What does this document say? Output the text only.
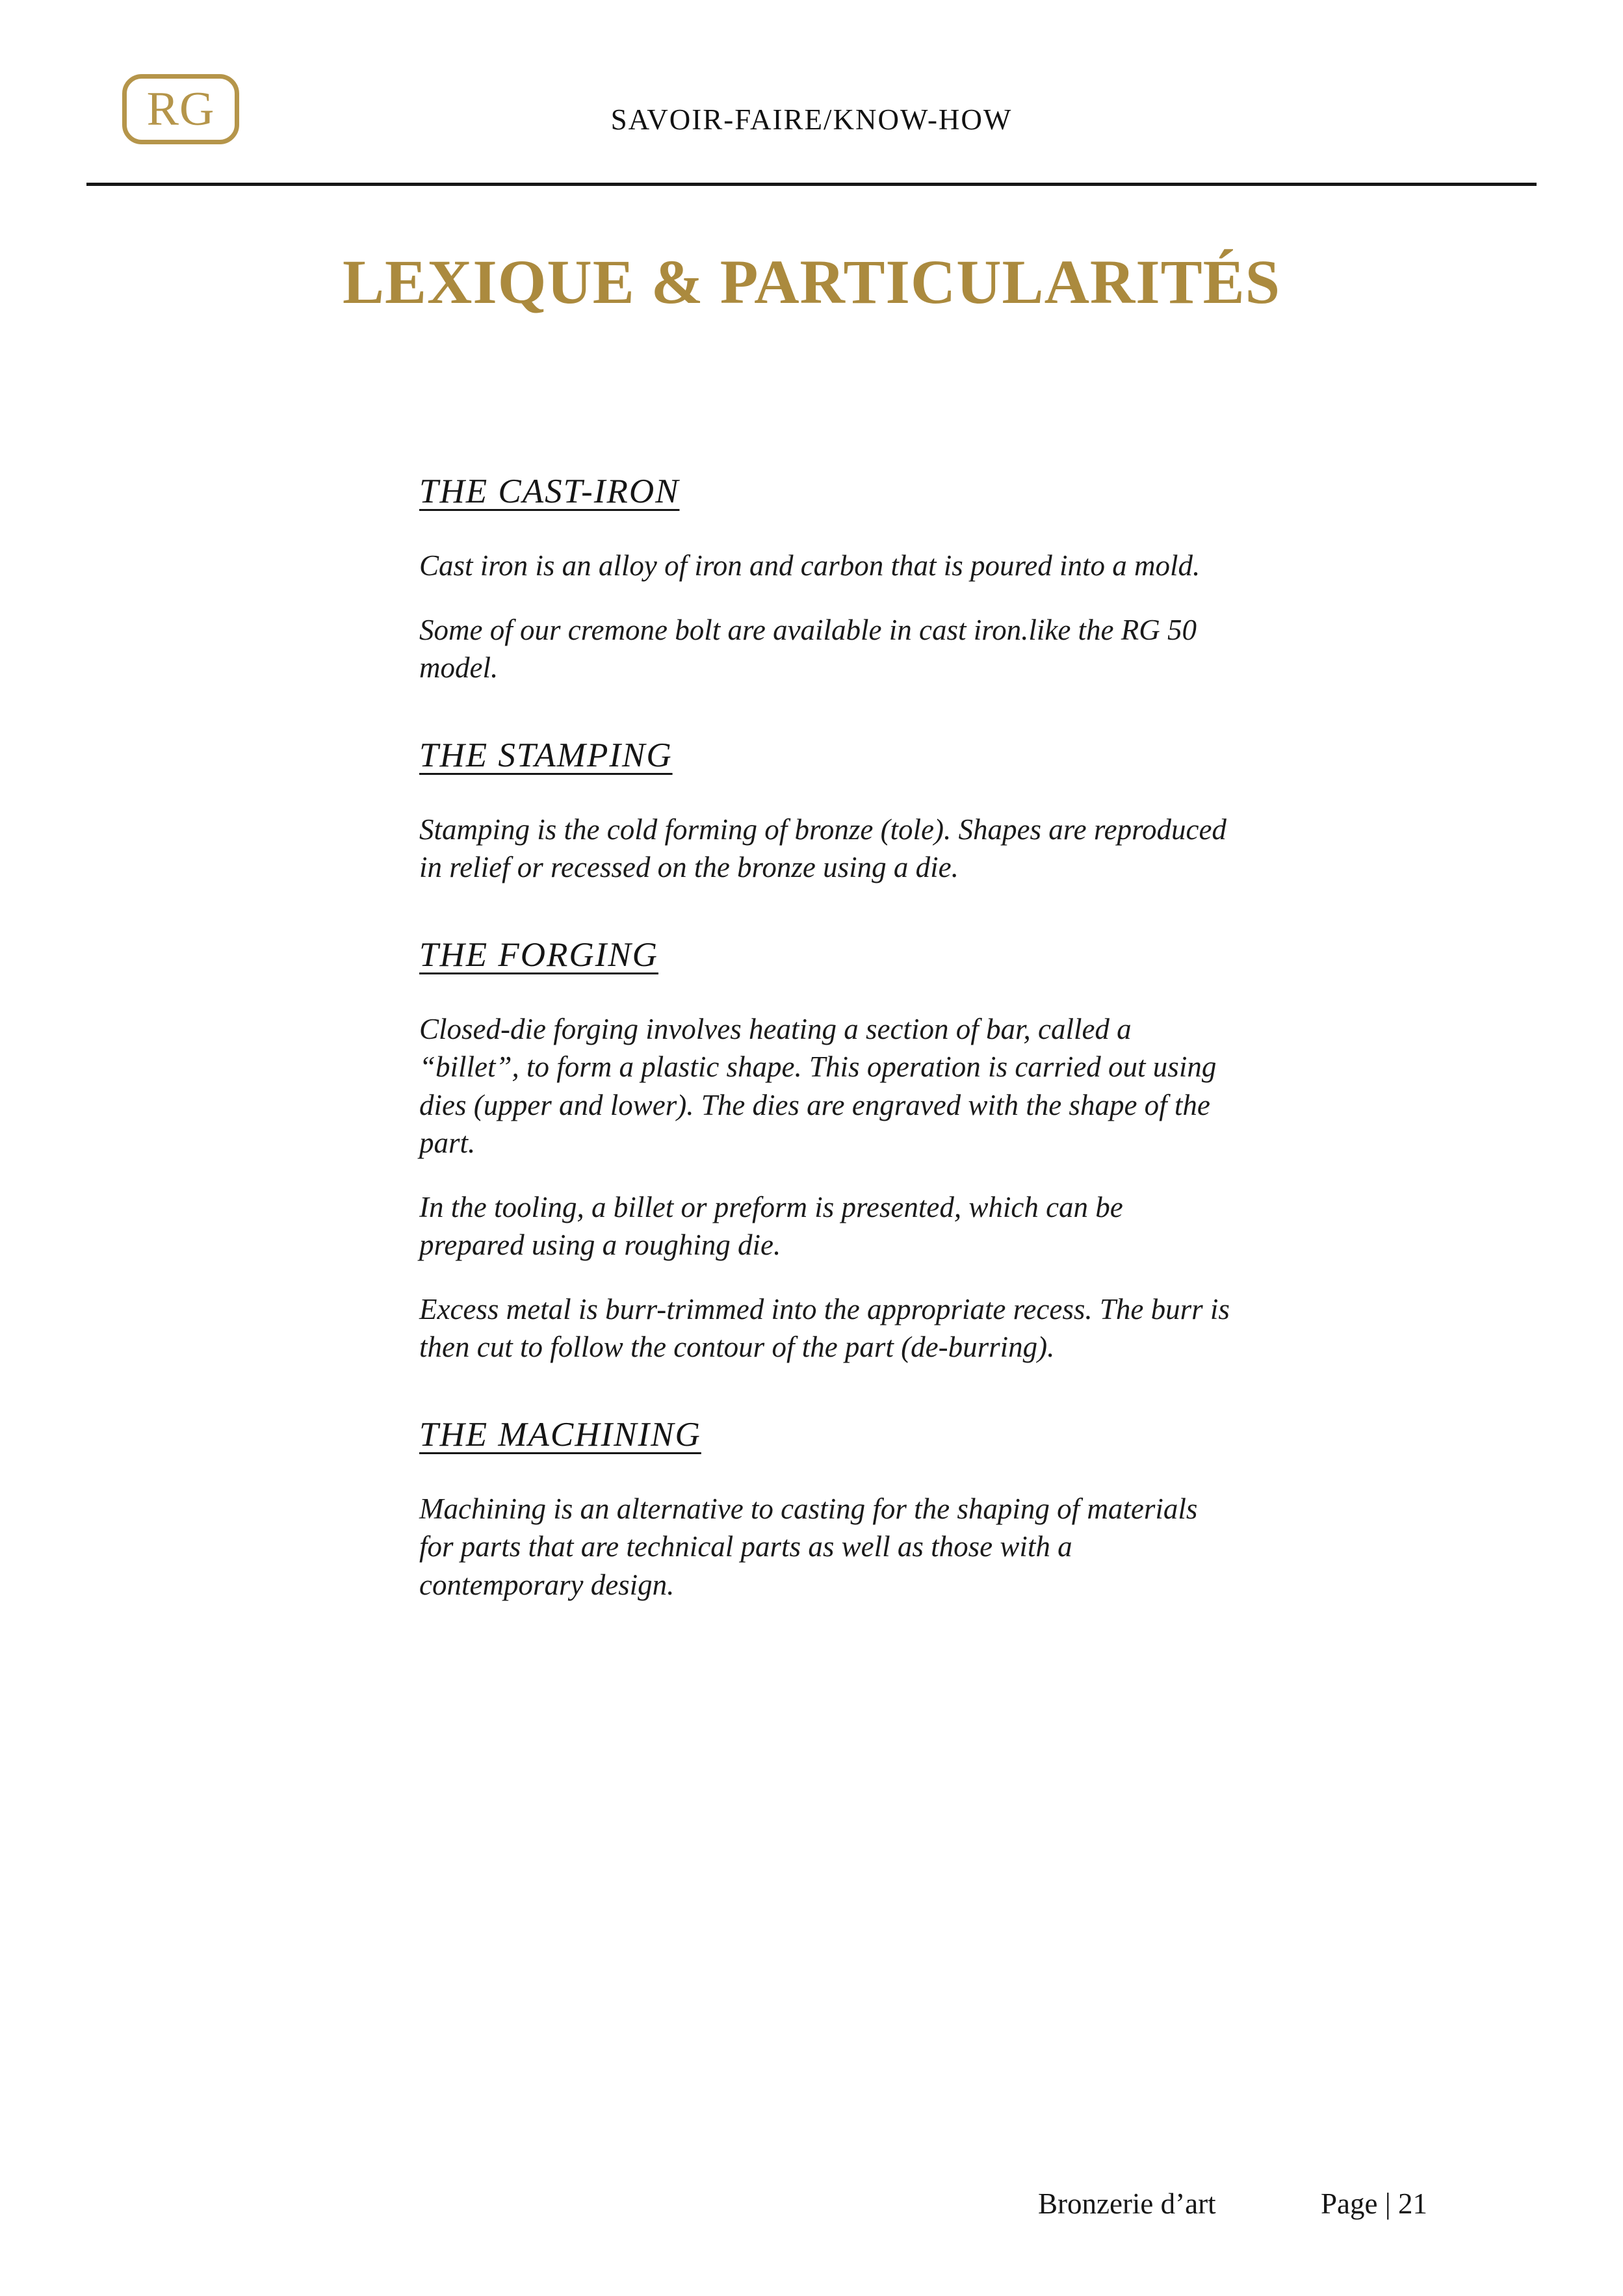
RG	SAVOIR-FAIRE/KNOW-HOW
LEXIQUE & PARTICULARITÉS
THE CAST-IRON

Cast iron is an alloy of iron and carbon that is poured into a mold.

Some of our cremone bolt are available in cast iron.like the RG 50 model.

THE STAMPING

Stamping is the cold forming of bronze (tole). Shapes are reproduced in relief or recessed on the bronze using a die.

THE FORGING

Closed-die forging involves heating a section of bar, called a “billet”, to form a plastic shape. This operation is carried out using dies (upper and lower). The dies are engraved with the shape of the part.

In the tooling, a billet or preform is presented, which can be prepared using a roughing die.

Excess metal is burr-trimmed into the appropriate recess. The burr is then cut to follow the contour of the part (de-burring).

THE MACHINING

Machining is an alternative to casting for the shaping of materials for parts that are technical parts as well as those with a contemporary design.

Bronzerie d’art	Page | 21
